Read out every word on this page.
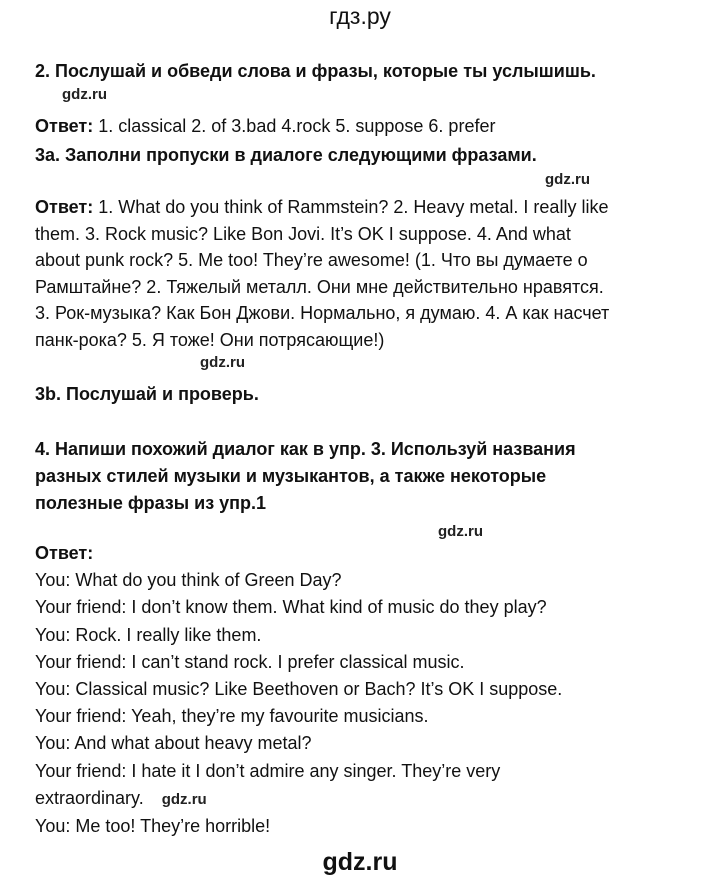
гдз.ру
2. Послушай и обведи слова и фразы, которые ты услышишь.
gdz.ru
Ответ: 1. classical 2. of 3.bad 4.rock 5. suppose 6. prefer
3a. Заполни пропуски в диалоге следующими фразами.
gdz.ru
Ответ: 1. What do you think of Rammstein? 2. Heavy metal. I really like
them. 3. Rock music? Like Bon Jovi. It’s OK I suppose. 4. And what
about punk rock? 5. Me too! They’re awesome! (1. Что вы думаете о
Рамштайне? 2. Тяжелый металл. Они мне действительно нравятся.
3. Рок-музыка? Как Бон Джови. Нормально, я думаю. 4. А как насчет
панк-рока? 5. Я тоже! Они потрясающие!)
gdz.ru
3b. Послушай и проверь.
4. Напиши похожий диалог как в упр. 3. Используй названия
разных стилей музыки и музыкантов, а также некоторые
полезные фразы из упр.1
gdz.ru
Ответ:
You: What do you think of Green Day?
Your friend: I don’t know them. What kind of music do they play?
You: Rock. I really like them.
Your friend: I can’t stand rock. I prefer classical music.
You: Classical music? Like Beethoven or Bach? It’s OK I suppose.
Your friend: Yeah, they’re my favourite musicians.
You: And what about heavy metal?
Your friend: I hate it I don’t admire any singer. They’re very
extraordinary. gdz.ru
You: Me too! They’re horrible!
gdz.ru
